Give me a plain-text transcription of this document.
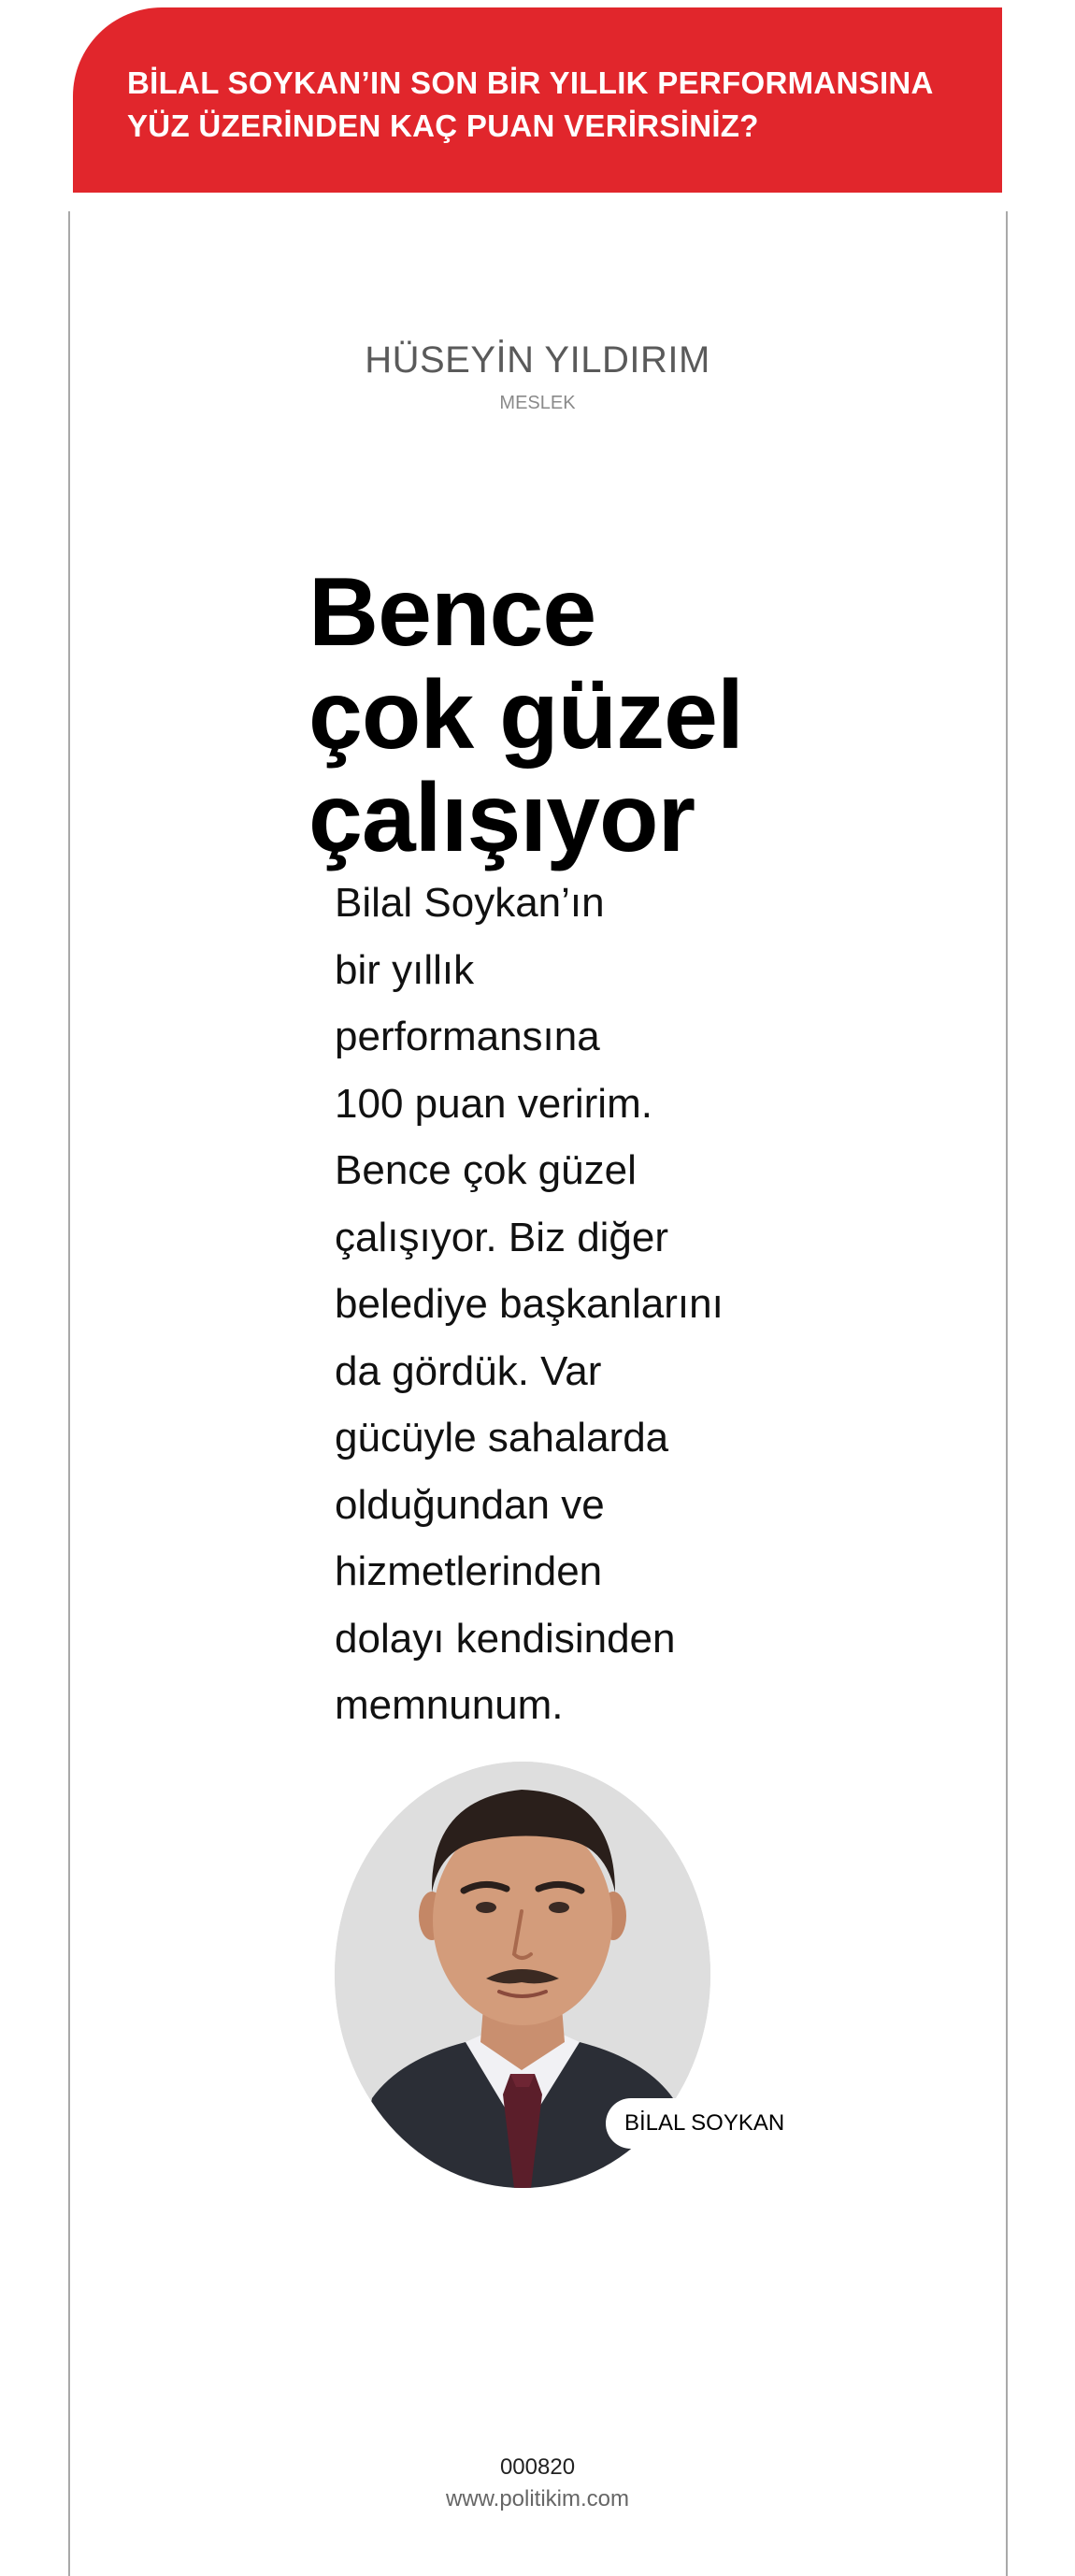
BİLAL SOYKAN’IN SON BİR YILLIK PERFORMANSINA
YÜZ ÜZERİNDEN KAÇ PUAN VERİRSİNİZ?
HÜSEYİN YILDIRIM
MESLEK
Bence
çok güzel
çalışıyor
Bilal Soykan’ın
bir yıllık
performansına
100 puan veririm.
Bence çok güzel
çalışıyor. Biz diğer
belediye başkanlarını
da gördük. Var
gücüyle sahalarda
olduğundan ve
hizmetlerinden
dolayı kendisinden
memnunum.
BİLAL SOYKAN
000820
www.politikim.com
